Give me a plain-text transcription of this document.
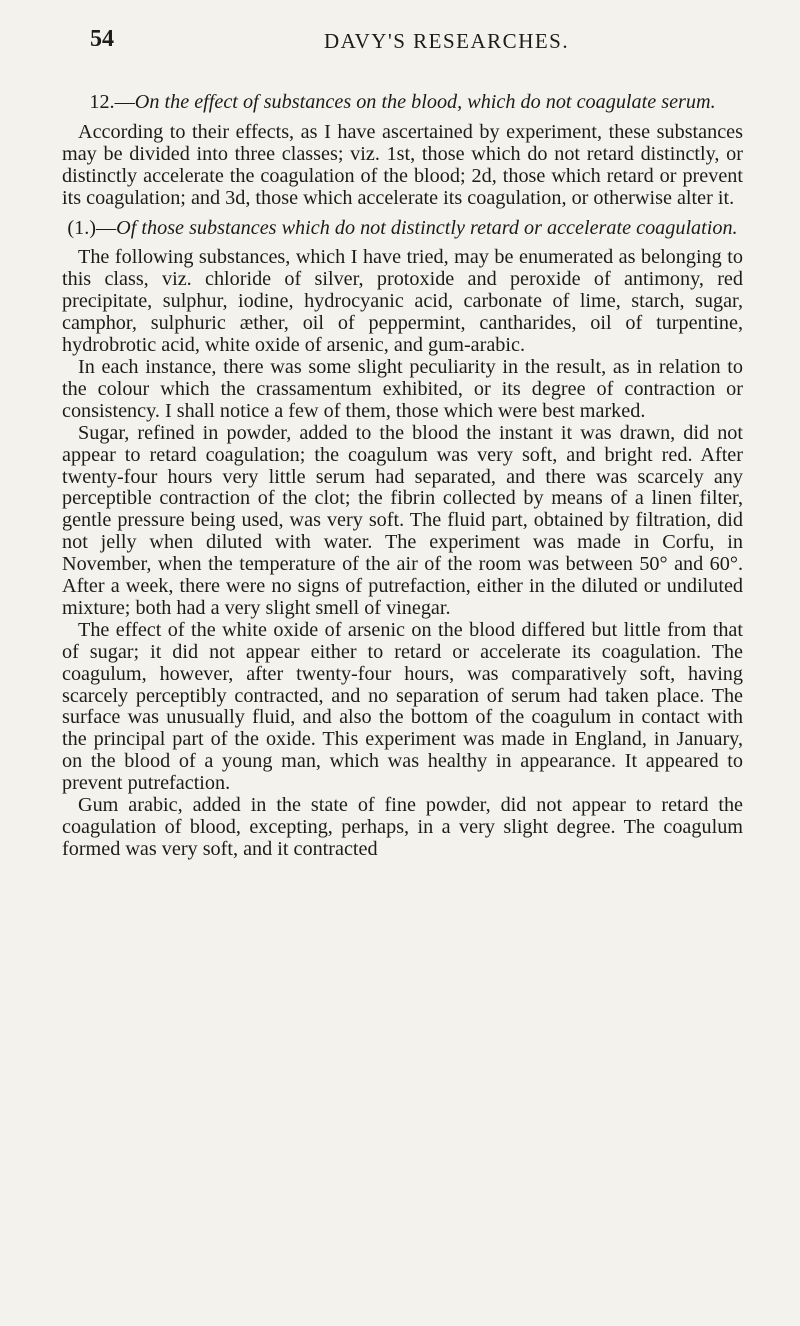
54	DAVY'S RESEARCHES.

12.—On the effect of substances on the blood, which do not coagulate serum.

According to their effects, as I have ascertained by experiment, these substances may be divided into three classes; viz. 1st, those which do not retard distinctly, or distinctly accelerate the coagulation of the blood; 2d, those which retard or prevent its coagulation; and 3d, those which accelerate its coagulation, or otherwise alter it.

(1.)—Of those substances which do not distinctly retard or accelerate coagulation.

The following substances, which I have tried, may be enumerated as belonging to this class, viz. chloride of silver, protoxide and peroxide of antimony, red precipitate, sulphur, iodine, hydrocyanic acid, carbonate of lime, starch, sugar, camphor, sulphuric æther, oil of peppermint, cantharides, oil of turpentine, hydrobrotic acid, white oxide of arsenic, and gum-arabic.

In each instance, there was some slight peculiarity in the result, as in relation to the colour which the crassamentum exhibited, or its degree of contraction or consistency. I shall notice a few of them, those which were best marked.

Sugar, refined in powder, added to the blood the instant it was drawn, did not appear to retard coagulation; the coagulum was very soft, and bright red. After twenty-four hours very little serum had separated, and there was scarcely any perceptible contraction of the clot; the fibrin collected by means of a linen filter, gentle pressure being used, was very soft. The fluid part, obtained by filtration, did not jelly when diluted with water. The experiment was made in Corfu, in November, when the temperature of the air of the room was between 50° and 60°. After a week, there were no signs of putrefaction, either in the diluted or undiluted mixture; both had a very slight smell of vinegar.

The effect of the white oxide of arsenic on the blood differed but little from that of sugar; it did not appear either to retard or accelerate its coagulation. The coagulum, however, after twenty-four hours, was comparatively soft, having scarcely perceptibly contracted, and no separation of serum had taken place. The surface was unusually fluid, and also the bottom of the coagulum in contact with the principal part of the oxide. This experiment was made in England, in January, on the blood of a young man, which was healthy in appearance. It appeared to prevent putrefaction.

Gum arabic, added in the state of fine powder, did not appear to retard the coagulation of blood, excepting, perhaps, in a very slight degree. The coagulum formed was very soft, and it contracted
